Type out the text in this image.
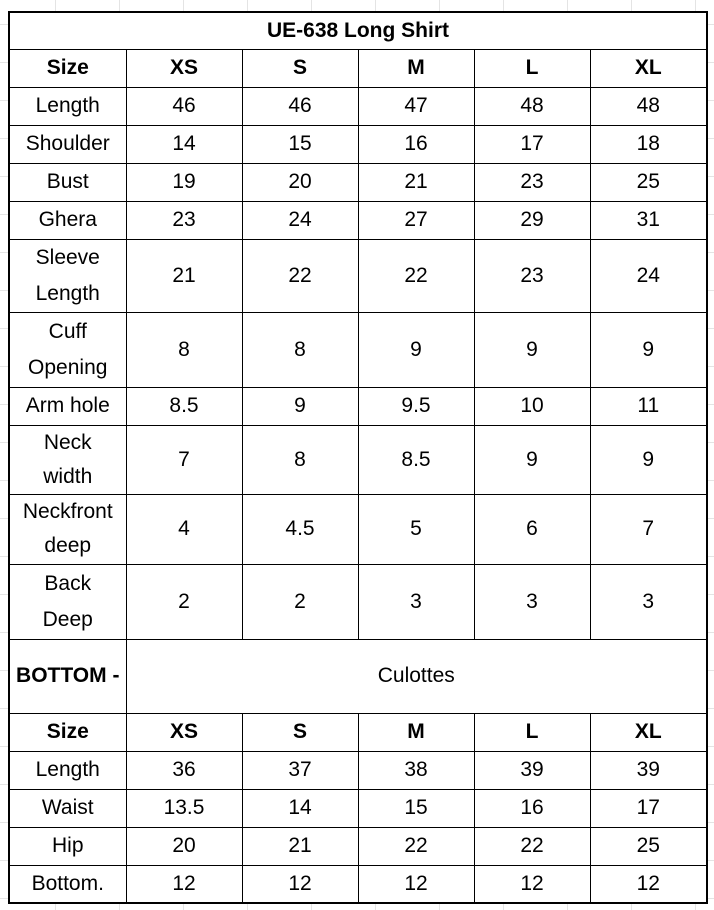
UE-638 Long Shirt					
Size	XS	S	M	L	XL
Length	46	46	47	48	48
Shoulder	14	15	16	17	18
Bust	19	20	21	23	25
Ghera	23	24	27	29	31

Sleeve
Length	21	22	22	23	24

Cuff
Opening	8	8	9	9	9
Arm hole	8.5	9	9.5	10	11

Neck
width	7	8	8.5	9	9

Neckfront
deep	4	4.5	5	6	7

Back
Deep	2	2	3	3	3
BOTTOM -	Culottes				
Size	XS	S	M	L	XL
Length	36	37	38	39	39
Waist	13.5	14	15	16	17
Hip	20	21	22	22	25
Bottom.	12	12	12	12	12
